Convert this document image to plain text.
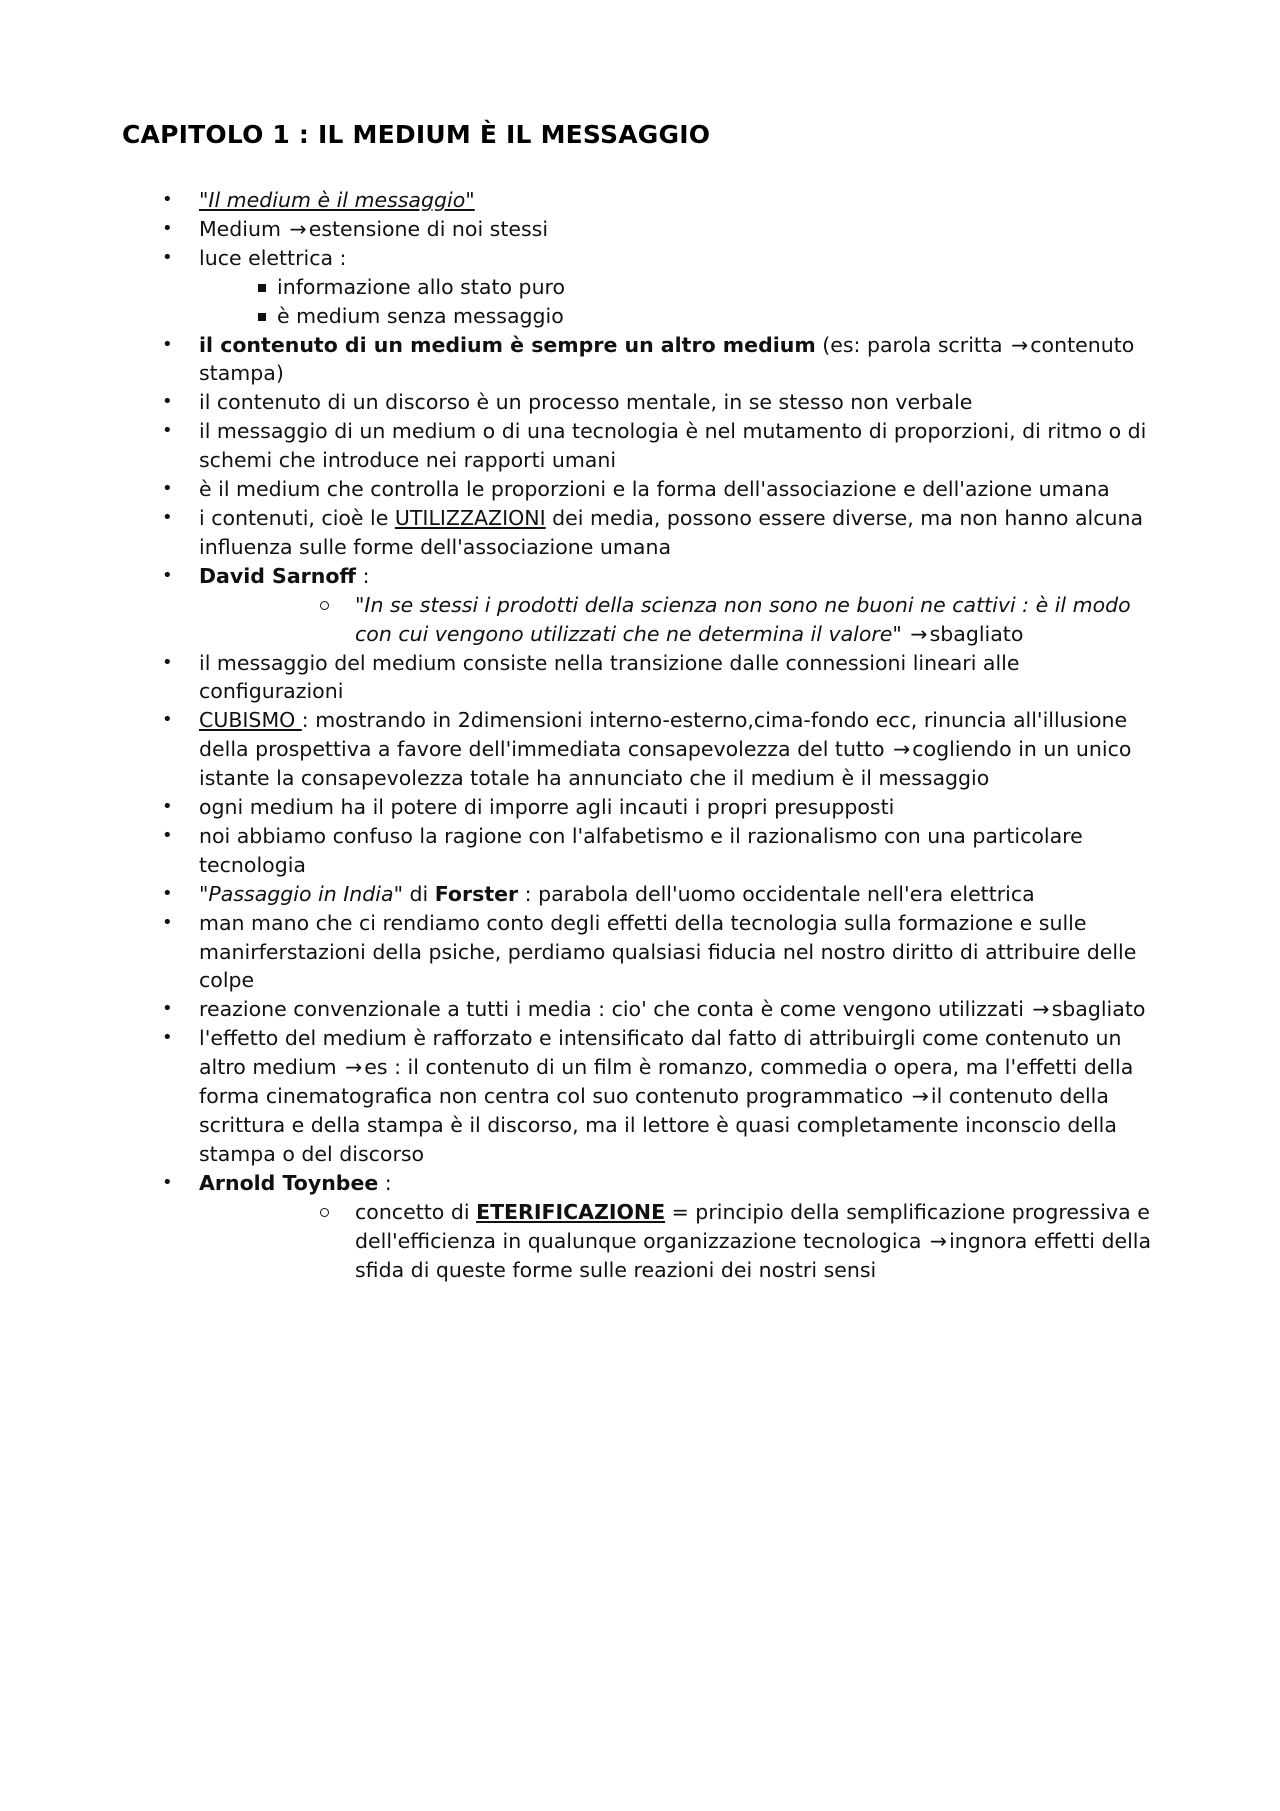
CAPITOLO 1 : IL MEDIUM È IL MESSAGGIO
• "Il medium è il messaggio"
• Medium →estensione di noi stessi
• luce elettrica :
informazione allo stato puro
è medium senza messaggio
• il contenuto di un medium è sempre un altro medium (es: parola scritta →contenuto stampa)
• il contenuto di un discorso è un processo mentale, in se stesso non verbale
• il messaggio di un medium o di una tecnologia è nel mutamento di proporzioni, di ritmo o di schemi che introduce nei rapporti umani
• è il medium che controlla le proporzioni e la forma dell'associazione e dell'azione umana
• i contenuti, cioè le UTILIZZAZIONI dei media, possono essere diverse, ma non hanno alcuna influenza sulle forme dell'associazione umana
• David Sarnoff :
"In se stessi i prodotti della scienza non sono ne buoni ne cattivi : è il modo con cui vengono utilizzati che ne determina il valore" →sbagliato
• il messaggio del medium consiste nella transizione dalle connessioni lineari alle configurazioni
• CUBISMO : mostrando in 2dimensioni interno-esterno,cima-fondo ecc, rinuncia all'illusione della prospettiva a favore dell'immediata consapevolezza del tutto →cogliendo in un unico istante la consapevolezza totale ha annunciato che il medium è il messaggio
• ogni medium ha il potere di imporre agli incauti i propri presupposti
• noi abbiamo confuso la ragione con l'alfabetismo e il razionalismo con una particolare tecnologia
• "Passaggio in India" di Forster : parabola dell'uomo occidentale nell'era elettrica
• man mano che ci rendiamo conto degli effetti della tecnologia sulla formazione e sulle manirferstazioni della psiche, perdiamo qualsiasi fiducia nel nostro diritto di attribuire delle colpe
• reazione convenzionale a tutti i media : cio' che conta è come vengono utilizzati →sbagliato
• l'effetto del medium è rafforzato e intensificato dal fatto di attribuirgli come contenuto un altro medium →es : il contenuto di un film è romanzo, commedia o opera, ma l'effetti della forma cinematografica non centra col suo contenuto programmatico →il contenuto della scrittura e della stampa è il discorso, ma il lettore è quasi completamente inconscio della stampa o del discorso
• Arnold Toynbee :
concetto di ETERIFICAZIONE = principio della semplificazione progressiva e dell'efficienza in qualunque organizzazione tecnologica →ingnora effetti della sfida di queste forme sulle reazioni dei nostri sensi
